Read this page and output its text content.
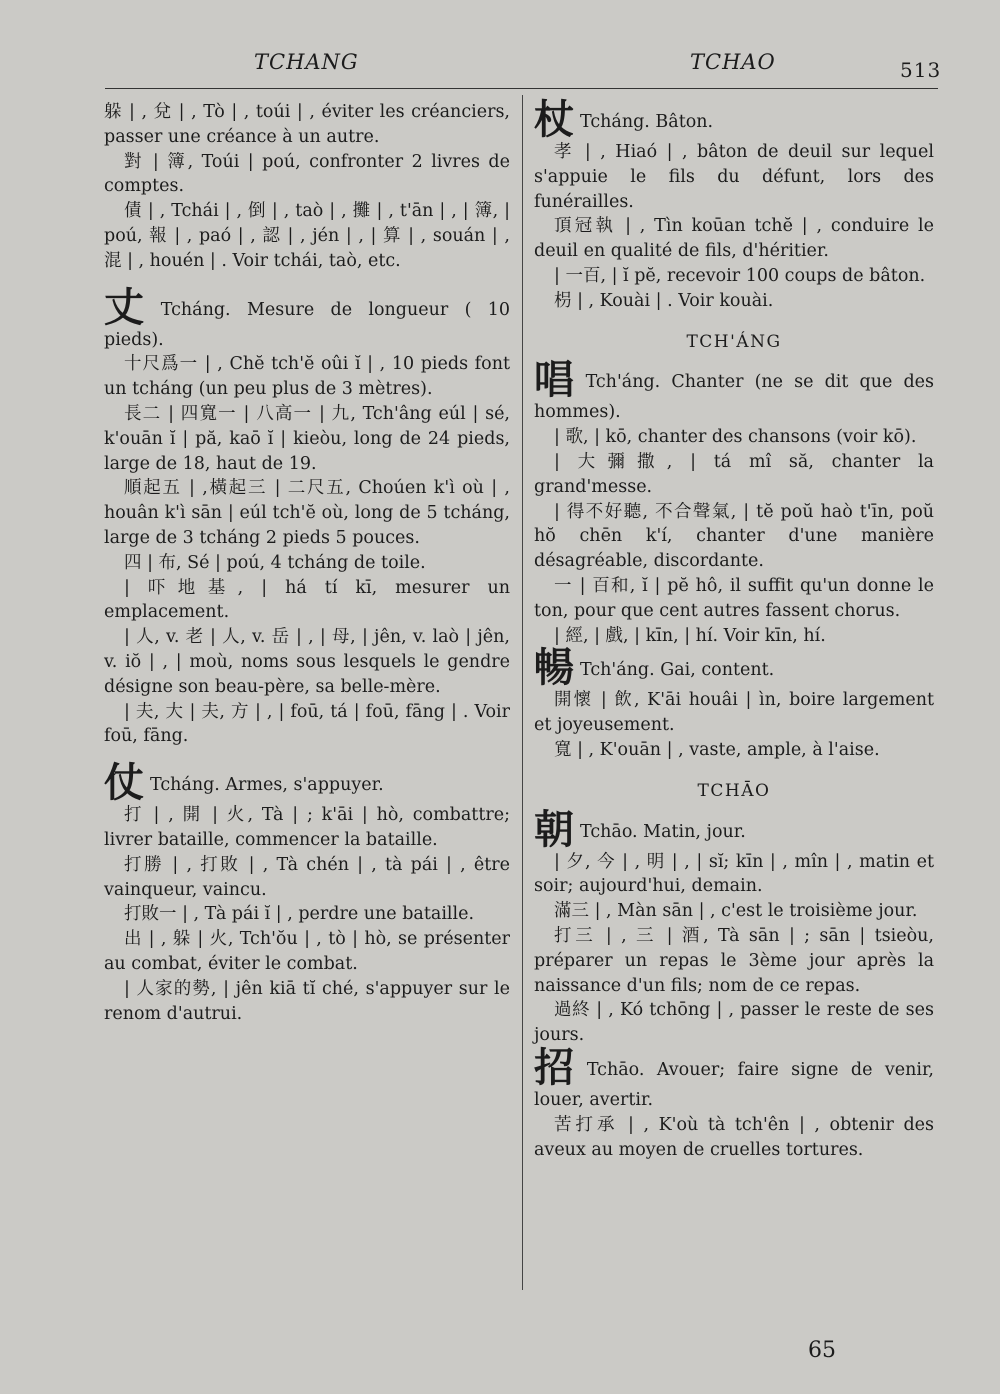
TCHANG	TCHAO	513
躲 | , 兌 | , Tò | , toúi | , éviter les créanciers, passer une créance à un autre.
對 | 簿, Toúi | poú, confronter 2 livres de comptes.
債 | , Tchái | , 倒 | , taò | , 攤 | , t'ān | , | 簿, | poú, 報 | , paó | , 認 | , jén | , | 算 | , souán | , 混 | , houén | . Voir tchái, taò, etc.
丈 Tcháng. Mesure de longueur ( 10 pieds).
十尺爲一 | , Chĕ tch'ĕ oûi ĭ | , 10 pieds font un tcháng (un peu plus de 3 mètres).
長二 | 四寬一 | 八高一 | 九, Tch'âng eúl | sé, k'ouān ĭ | pă, kaō ĭ | kieòu, long de 24 pieds, large de 18, haut de 19.
順起五 | ,橫起三 | 二尺五, Choúen k'ì où | , houân k'ì sān | eúl tch'ĕ où, long de 5 tcháng, large de 3 tcháng 2 pieds 5 pouces.
四 | 布, Sé | poú, 4 tcháng de toile.
| 吓地基, | há tí kī, mesurer un emplacement.
| 人, v. 老 | 人, v. 岳 | , | 母, | jên, v. laò | jên, v. iŏ | , | moù, noms sous lesquels le gendre désigne son beau-père, sa belle-mère.
| 夫, 大 | 夫, 方 | , | foū, tá | foū, fāng | . Voir foū, fāng.
仗 Tcháng. Armes, s'appuyer.
打 | , 開 | 火, Tà | ; k'āi | hò, combattre; livrer bataille, commencer la bataille.
打勝 | , 打敗 | , Tà chén | , tà pái | , être vainqueur, vaincu.
打敗一 | , Tà pái ĭ | , perdre une bataille.
出 | , 躲 | 火, Tch'ŏu | , tò | hò, se présenter au combat, éviter le combat.
| 人家的勢, | jên kiā tĭ ché, s'appuyer sur le renom d'autrui.
杖 Tcháng. Bâton.
孝 | , Hiaó | , bâton de deuil sur lequel s'appuie le fils du défunt, lors des funérailles.
頂冠執 | , Tìn koūan tchĕ | , conduire le deuil en qualité de fils, d'héritier.
| 一百, | ĭ pĕ, recevoir 100 coups de bâton.
枴 | , Kouài | . Voir kouài.
TCH'ÁNG
唱 Tch'áng. Chanter (ne se dit que des hommes).
| 歌, | kō, chanter des chansons (voir kō).
| 大彌撒, | tá mî să, chanter la grand'messe.
| 得不好聽, 不合聲氣, | tĕ poŭ haò t'īn, poŭ hŏ chēn k'í, chanter d'une manière désagréable, discordante.
一 | 百和, ĭ | pĕ hô, il suffit qu'un donne le ton, pour que cent autres fassent chorus.
| 經, | 戲, | kīn, | hí. Voir kīn, hí.
暢 Tch'áng. Gai, content.
開懷 | 飲, K'āi houâi | ìn, boire largement et joyeusement.
寬 | , K'ouān | , vaste, ample, à l'aise.
TCHĀO
朝 Tchāo. Matin, jour.
| 夕, 今 | , 明 | , | sĭ; kīn | , mîn | , matin et soir; aujourd'hui, demain.
滿三 | , Màn sān | , c'est le troisième jour.
打三 | , 三 | 酒, Tà sān | ; sān | tsieòu, préparer un repas le 3ème jour après la naissance d'un fils; nom de ce repas.
過終 | , Kó tchōng | , passer le reste de ses jours.
招 Tchāo. Avouer; faire signe de venir, louer, avertir.
苦打承 | , K'où tà tch'ên | , obtenir des aveux au moyen de cruelles tortures.
65
